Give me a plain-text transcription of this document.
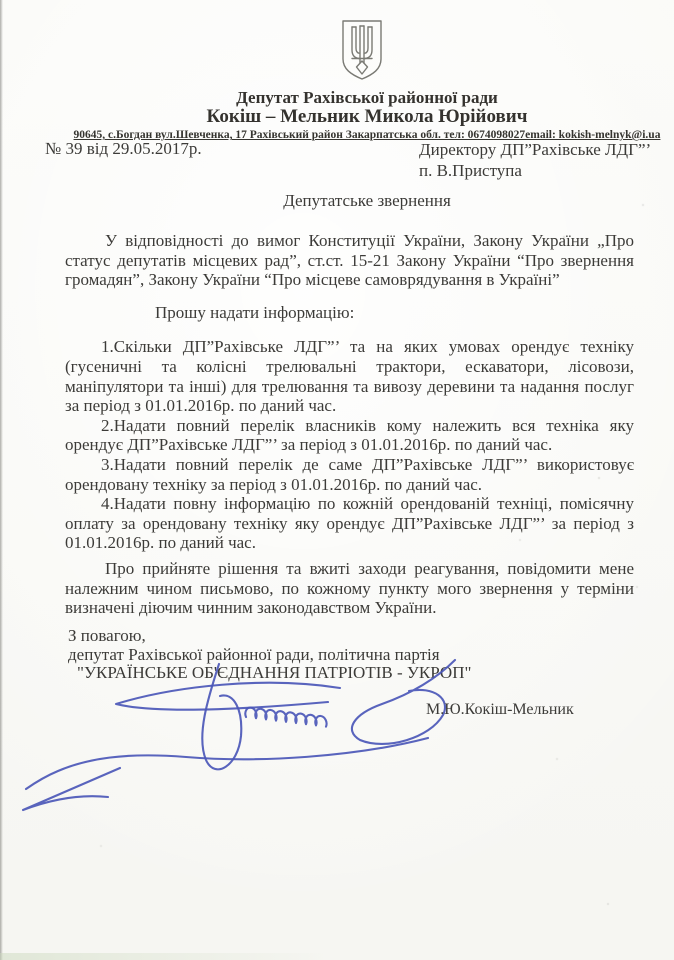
Депутат Рахівської районної ради
Кокіш – Мельник Микола Юрійович
90645, с.Богдан вул.Шевченка, 17 Рахівський район Закарпатська обл. тел: 0674098027email: kokish-melnyk@i.ua
№ 39 від 29.05.2017р.	Директору ДП”Рахівське ЛДГ”’
п. В.Приступа
Депутатське звернення

У відповідності до вимог Конституції України, Закону України „Про статус депутатів місцевих рад”, ст.ст. 15-21 Закону України “Про звернення громадян”, Закону України “Про місцеве самоврядування в Україні”

Прошу надати інформацію:

1.Скільки ДП”Рахівське ЛДГ”’ та на яких умовах орендує техніку (гусеничні та колісні трелювальні трактори, ескаватори, лісовози, маніпулятори та інші) для трелювання та вивозу деревини та надання послуг за період з 01.01.2016р. по даний час.

2.Надати повний перелік власників кому належить вся техніка яку орендує ДП”Рахівське ЛДГ”’ за період з 01.01.2016р. по даний час.

3.Надати повний перелік де саме ДП”Рахівське ЛДГ”’ використовує орендовану техніку за період з 01.01.2016р. по даний час.

4.Надати повну інформацію по кожній орендованій техніці, помісячну оплату за орендовану техніку яку орендує ДП”Рахівське ЛДГ”’ за період з 01.01.2016р. по даний час.

Про прийняте рішення та вжиті заходи реагування, повідомити мене належним чином письмово, по кожному пункту мого звернення у терміни визначені діючим чинним законодавством України.

З повагою,
депутат Рахівської районної ради, політична партія
"УКРАЇНСЬКЕ ОБ'ЄДНАННЯ ПАТРІОТІВ - УКРОП"
М.Ю.Кокіш-Мельник
